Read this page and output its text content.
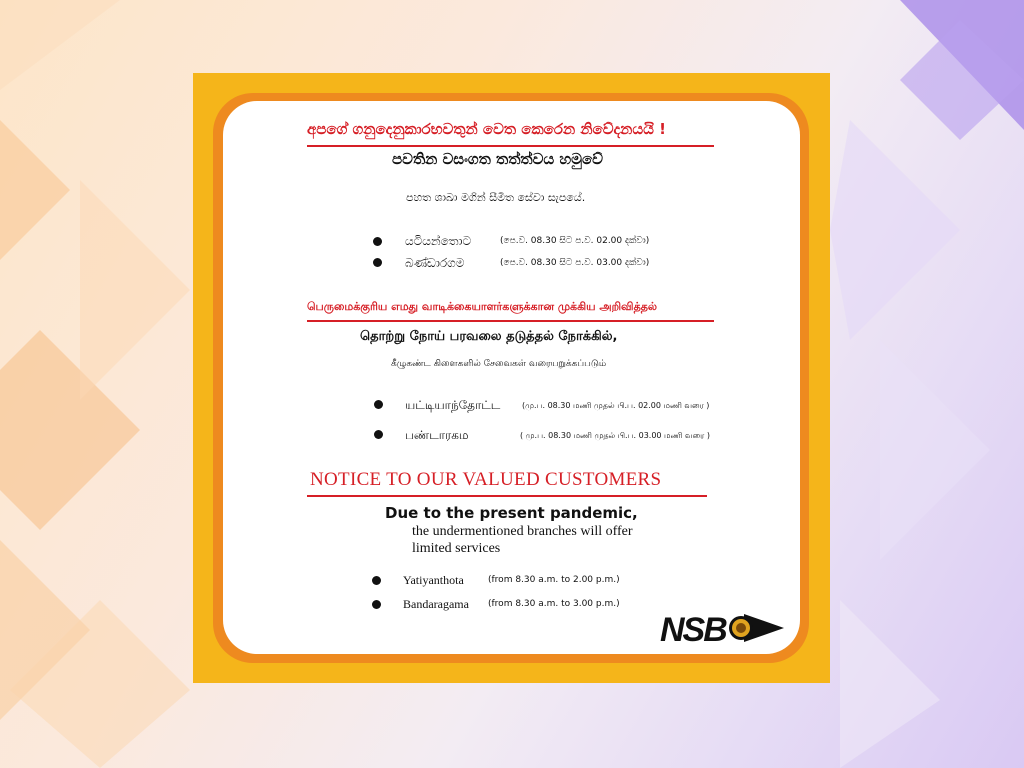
අපගේ ගනුදෙනුකාරභවතුන් වෙත කෙරෙන නිවේදනයයි !
පවතින වසංගත තත්ත්වය හමුවේ
පහත ශාඛා මගින් සීමිත සේවා සැපයේ.
යටියන්තොට	(පෙ.ව. 08.30 සිට ප.ව. 02.00 දක්වා)
බණ්ඩාරගම	(පෙ.ව. 08.30 සිට ප.ව. 03.00 දක්වා)
பெருமைக்குரிய எமது வாடிக்கையாளர்களுக்கான முக்கிய அறிவித்தல்
தொற்று நோய் பரவலை தடுத்தல் நோக்கில்,
கீழுகண்ட கிளைகளில் சேவைகள் வரையறுக்கப்படும்
யட்டியாந்தோட்ட	(மு.ப. 08.30 மணி முதல் பி.ப. 02.00 மணி வரை )
பண்டாரகம	( மு.ப. 08.30 மணி முதல் பி.ப. 03.00 மணி வரை )
NOTICE TO OUR VALUED CUSTOMERS
Due to the present pandemic,
the undermentioned branches will offer
limited services
Yatiyanthota	(from 8.30 a.m. to 2.00 p.m.)
Bandaragama (from 8.30 a.m. to 3.00 p.m.)
NSB
